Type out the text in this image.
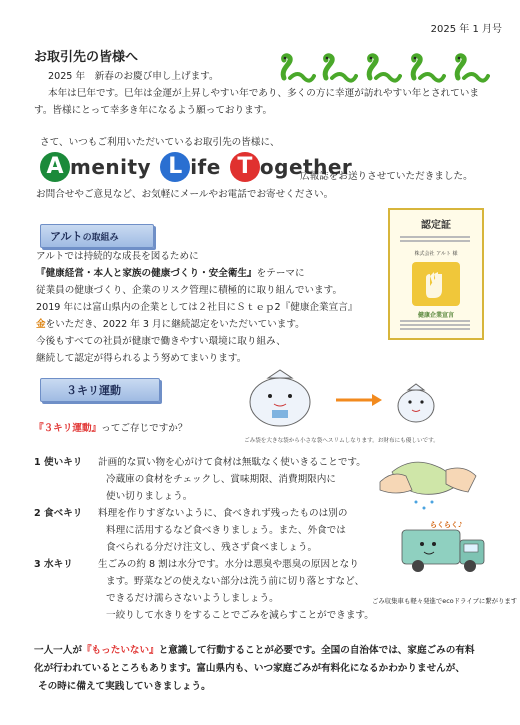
2025 年 1 月号
お取引先の皆様へ
2025 年　新春のお慶び申し上げます。
本年は巳年です。巳年は金運が上昇しやすい年であり、多くの方に幸運が訪れやすい年とされていま
す。皆様にとって幸多き年になるよう願っております。
さて、いつもご利用いただいているお取引先の皆様に、
A menity L ife T ogether
広報誌をお送りさせていただきました。
お問合せやご意見など、お気軽にメールやお電話でお寄せください。
アルトの取組み
アルトでは持続的な成長を図るために
『健康経営・本人と家族の健康づくり・安全衛生』をテーマに
従業員の健康づくり、企業のリスク管理に積極的に取り組んでいます。
2019 年には富山県内の企業としては２社目にＳｔｅｐ2『健康企業宣言』
金をいただき、2022 年 3 月に継続認定をいただいています。
今後もすべての社員が健康で働きやすい環境に取り組み、
継続して認定が得られるよう努めてまいります。
認定証
株式会社 アルト 様
健康企業宣言
３キリ運動
ごみ袋を大きな袋から小さな袋へスリムしなります。お財布にも優しいです。
『３キリ運動』ってご存じですか？
1 使いキリ 計画的な買い物を心がけて食材は無駄なく使いきることです。
冷蔵庫の食材をチェックし、賞味期限、消費期限内に
使い切りましょう。
2 食べキリ 料理を作りすぎないように、食べきれず残ったものは別の
料理に活用するなど食べきりましょう。また、外食では
食べられる分だけ注文し、残さず食べましょう。
3 水キリ	生ごみの約 8 割は水分です。水分は悪臭や悪臭の原因となり
ます。野菜などの使えない部分は洗う前に切り落とすなど、
できるだけ濡らさないようしましょう。
一絞りして水きりをすることでごみを減らすことができます。
らくらく♪
ごみ収集車も軽々発進でecoドライブに繋がります
一人一人が『もったいない』と意識して行動することが必要です。全国の自治体では、家庭ごみの有料
化が行われているところもあります。富山県内も、いつ家庭ごみが有料化になるかわかりませんが、
その時に備えて実践していきましょう。
